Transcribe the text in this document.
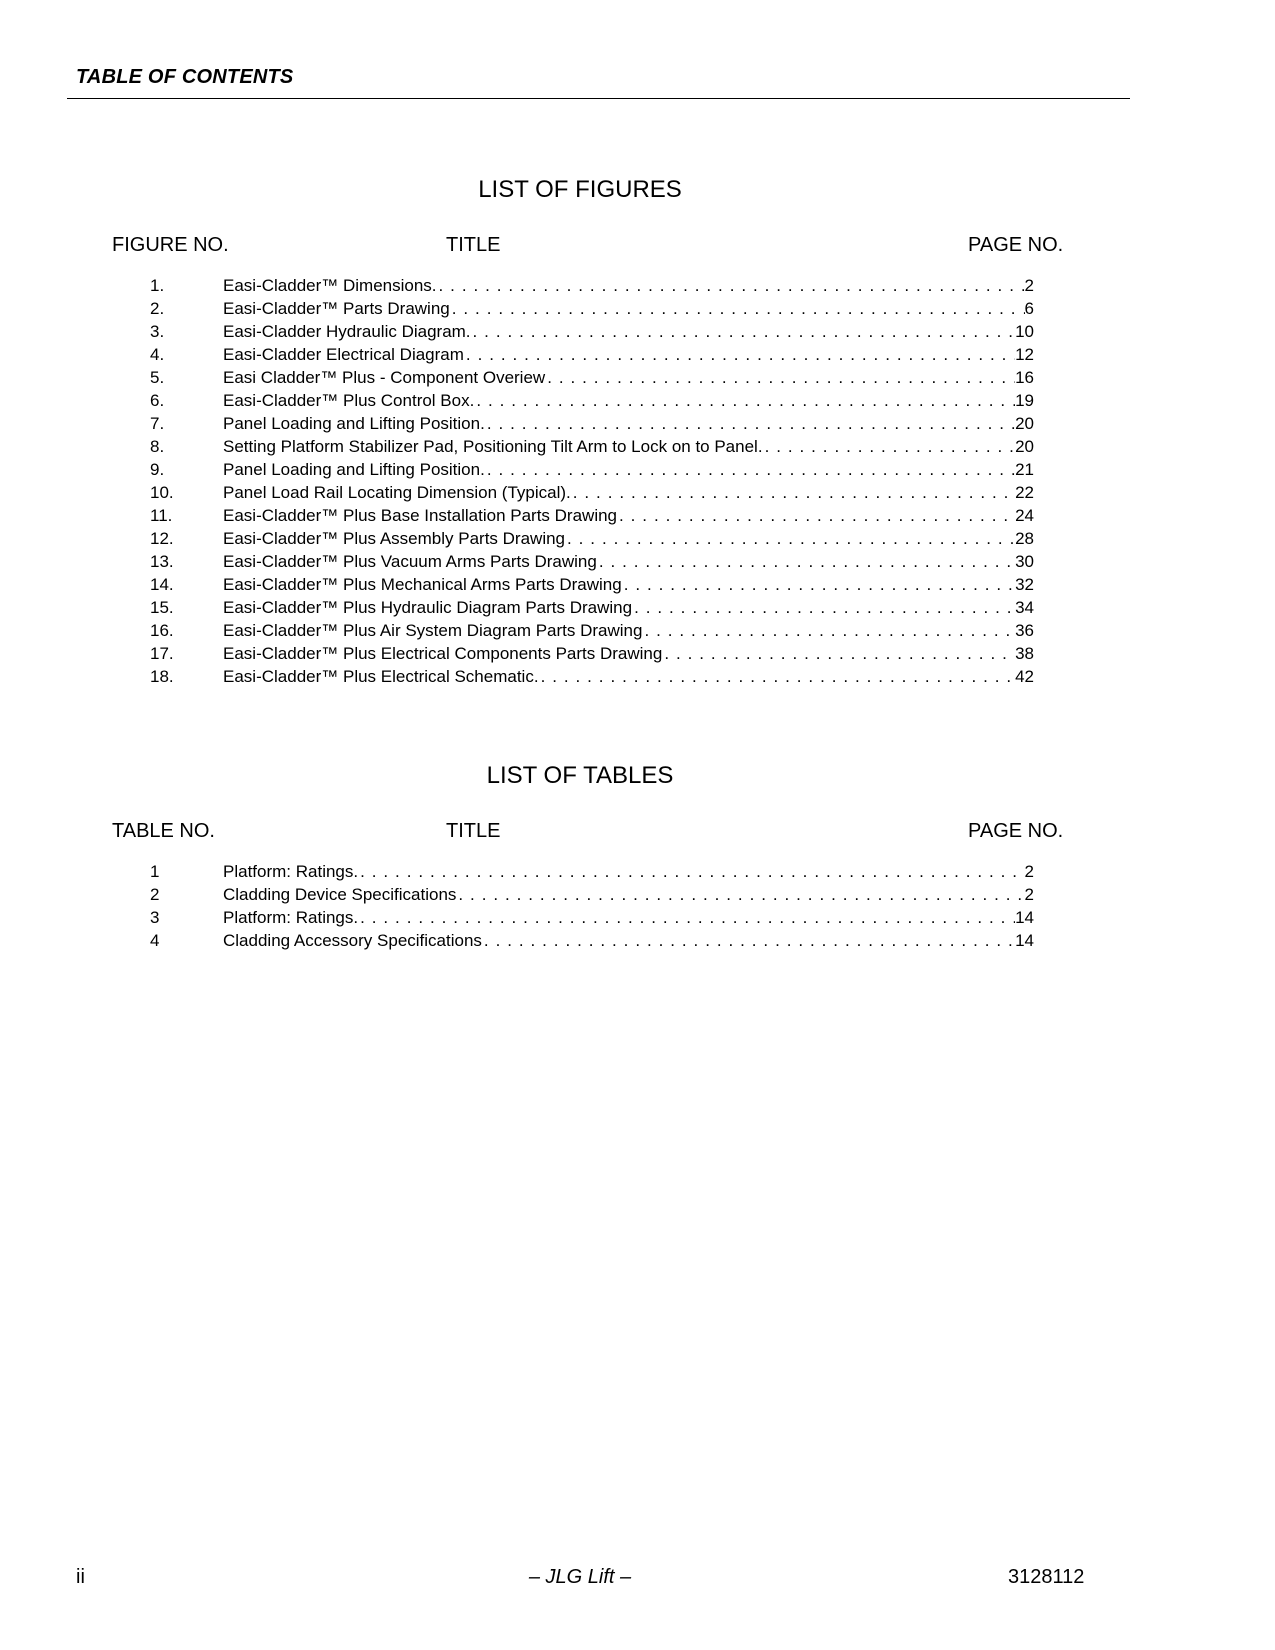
TABLE OF CONTENTS
LIST OF FIGURES
FIGURE NO.	TITLE	PAGE NO.
1.	Easi-Cladder™ Dimensions. . . .	2
2.	Easi-Cladder™ Parts Drawing . . .	6
3.	Easi-Cladder Hydraulic Diagram. . . .	10
4.	Easi-Cladder Electrical Diagram . . .	12
5.	Easi Cladder™ Plus - Component Overiew . . .	16
6.	Easi-Cladder™ Plus Control Box. . . .	19
7.	Panel Loading and Lifting Position. . . .	20
8.	Setting Platform Stabilizer Pad, Positioning Tilt Arm to Lock on to Panel. . . .	20
9.	Panel Loading and Lifting Position. . . .	21
10.	Panel Load Rail Locating Dimension (Typical). . . .	22
11.	Easi-Cladder™ Plus Base Installation Parts Drawing . . .	24
12.	Easi-Cladder™ Plus Assembly Parts Drawing . . .	28
13.	Easi-Cladder™ Plus Vacuum Arms Parts Drawing . . .	30
14.	Easi-Cladder™ Plus Mechanical Arms Parts Drawing . . .	32
15.	Easi-Cladder™ Plus Hydraulic Diagram Parts Drawing . . .	34
16.	Easi-Cladder™ Plus Air System Diagram Parts Drawing . . .	36
17.	Easi-Cladder™ Plus Electrical Components Parts Drawing . . .	38
18.	Easi-Cladder™ Plus Electrical Schematic. . . .	42
LIST OF TABLES
TABLE NO.	TITLE	PAGE NO.
1	Platform: Ratings. . . .	2
2	Cladding Device Specifications . . .	2
3	Platform: Ratings. . . .	14
4	Cladding Accessory Specifications . . .	14
ii	– JLG Lift –	3128112
